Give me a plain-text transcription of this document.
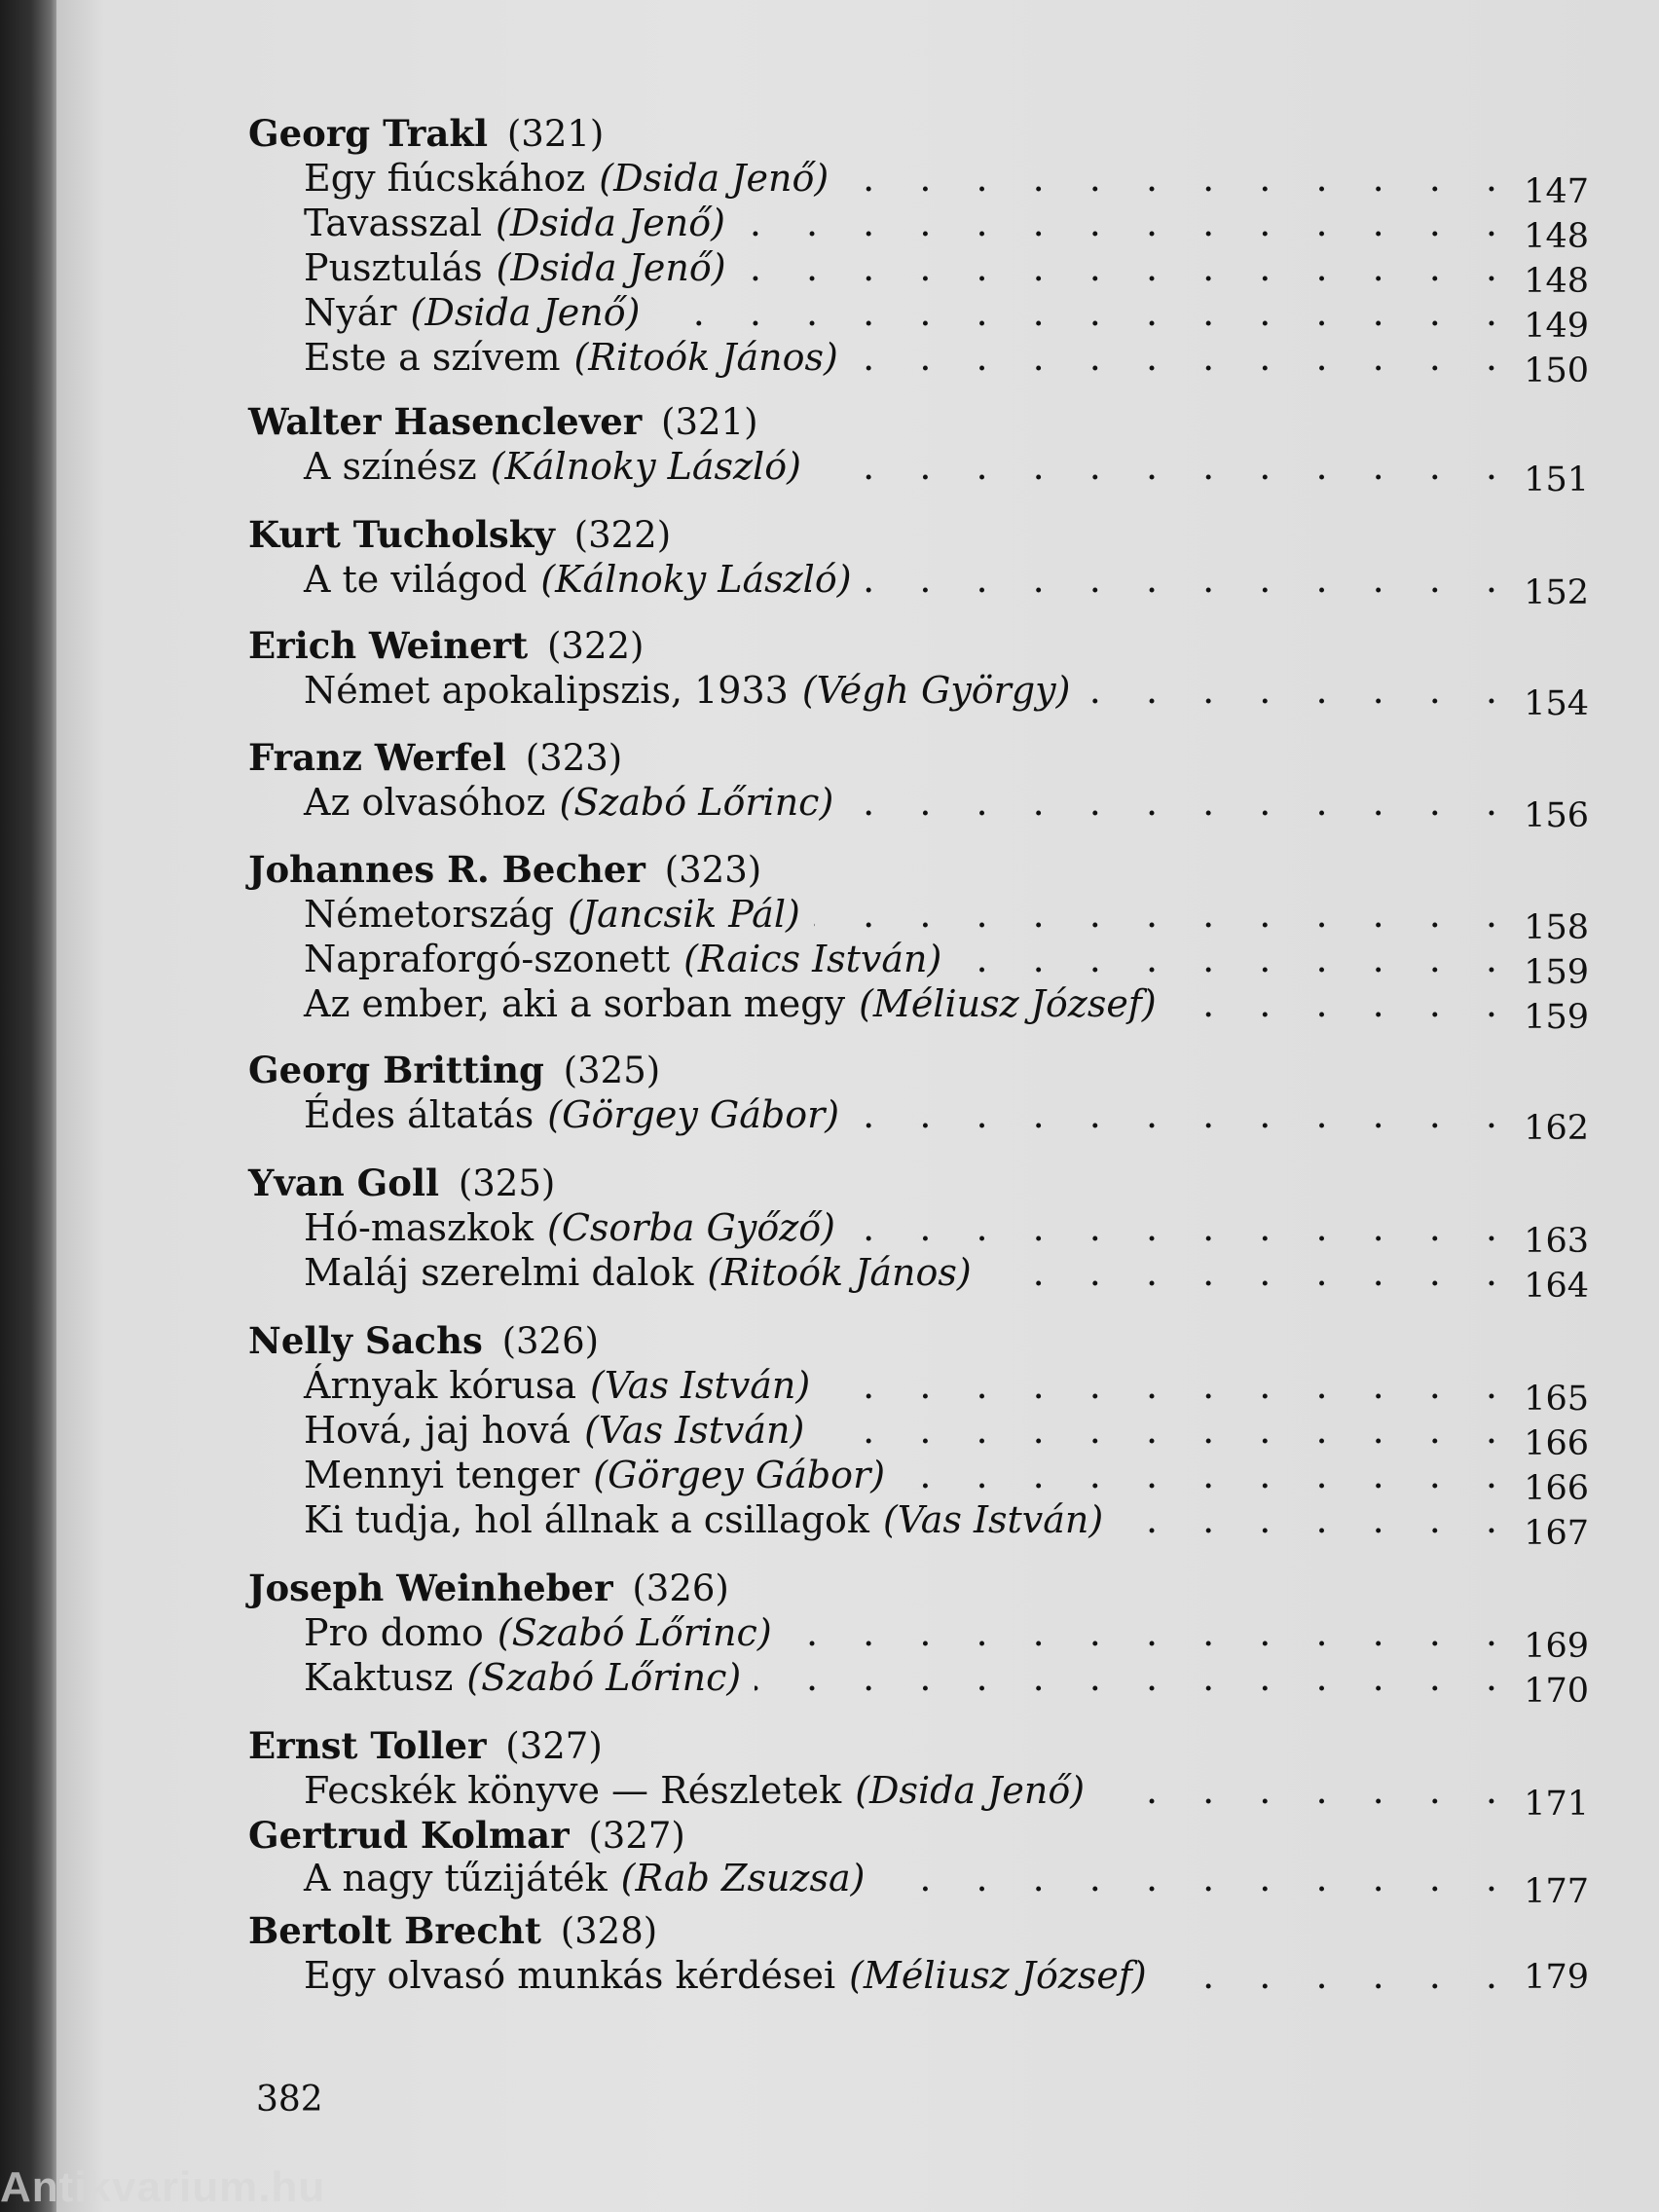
Georg Trakl (321)
Egy fiúcskához (Dsida Jenő) . . .	147
Tavasszal (Dsida Jenő) . . .	148
Pusztulás (Dsida Jenő) . . .	148
Nyár (Dsida Jenő) . . .	149
Este a szívem (Ritoók János) . . .	150
Walter Hasenclever (321)
A színész (Kálnoky László) . . .	151
Kurt Tucholsky (322)
A te világod (Kálnoky László) . . .	152
Erich Weinert (322)
Német apokalipszis, 1933 (Végh György) . . .	154
Franz Werfel (323)
Az olvasóhoz (Szabó Lőrinc) . . .	156
Johannes R. Becher (323)
Németország (Jancsik Pál) . . .	158
Napraforgó-szonett (Raics István) . . .	159
Az ember, aki a sorban megy (Méliusz József) . . .	159
Georg Britting (325)
Édes áltatás (Görgey Gábor) . . .	162
Yvan Goll (325)
Hó-maszkok (Csorba Győző) . . .	163
Maláj szerelmi dalok (Ritoók János) . . .	164
Nelly Sachs (326)
Árnyak kórusa (Vas István) . . .	165
Hová, jaj hová (Vas István) . . .	166
Mennyi tenger (Görgey Gábor) . . .	166
Ki tudja, hol állnak a csillagok (Vas István) . . .	167
Joseph Weinheber (326)
Pro domo (Szabó Lőrinc) . . .	169
Kaktusz (Szabó Lőrinc) . . .	170
Ernst Toller (327)
Fecskék könyve — Részletek (Dsida Jenő) . . .	171
Gertrud Kolmar (327)
A nagy tűzijáték (Rab Zsuzsa) . . .	177
Bertolt Brecht (328)
Egy olvasó munkás kérdései (Méliusz József) . . .	179
382
Antikvarium.hu
